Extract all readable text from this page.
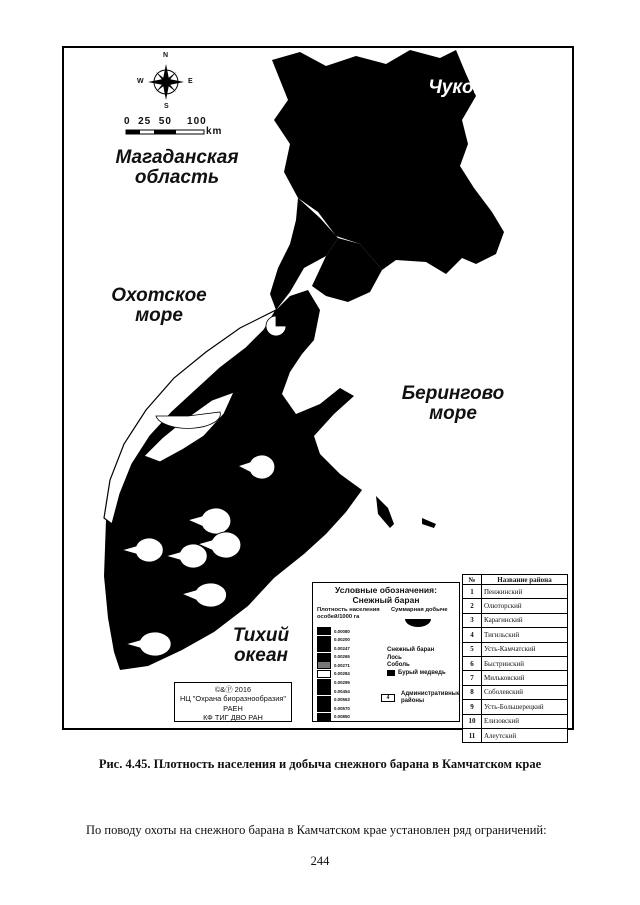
N
S
W	E
0  25  50    100
km
Чукотский
АО
Магаданская
область
Охотское
море
Берингово
море
Тихий
океан
©&Ⓟ 2016
НЦ "Охрана биоразнообразия" РАЕН
КФ ТИГ ДВО РАН
Условные обозначения:
Снежный баран
Плотность населения
особей/1000 га
Суммарная добыче
0.00080
0.00200
0.00247
0.00265
0.00271
0.00284
0.00295
0.00454
0.00563
0.00570
0.00850
Снежный баран
Лось
Соболь
Бурый медведь
4
Административные
районы
№	Название района
1	Пенжинский
2	Олюторский
3	Карагинский
4	Тигильский
5	Усть-Камчатский
6	Быстринский
7	Мильковский
8	Соболевский
9	Усть-Большерецкий
10	Елизовский
11	Алеутский
Рис. 4.45. Плотность населения и добыча снежного барана в Камчатском крае
По поводу охоты на снежного барана в Камчатском крае установлен ряд ограничений:
244
